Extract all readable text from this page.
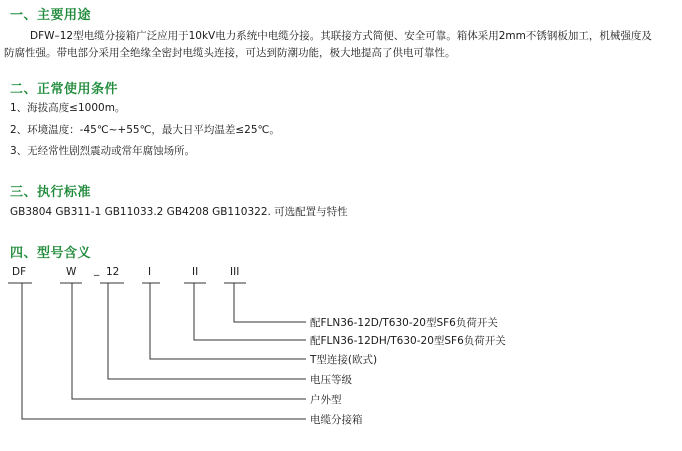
一、主要用途
DFW–12型电缆分接箱广泛应用于10kV电力系统中电缆分接。其联接方式简便、安全可靠。箱体采用2mm不锈钢板加工，机械强度及
防腐性强。带电部分采用全绝缘全密封电缆头连接，可达到防潮功能，极大地提高了供电可靠性。
二、正常使用条件
1、海拔高度≤1000m。
2、环境温度：-45℃~+55℃，最大日平均温差≤25℃。
3、无经常性剧烈震动或常年腐蚀场所。
三、执行标准
GB3804 GB311-1 GB11033.2 GB4208 GB110322. 可选配置与特性
四、型号含义
DF	W _ 12	I	II	III
配FLN36-12D/T630-20型SF6负荷开关
配FLN36-12DH/T630-20型SF6负荷开关
T型连接(欧式)
电压等级
户外型
电缆分接箱
